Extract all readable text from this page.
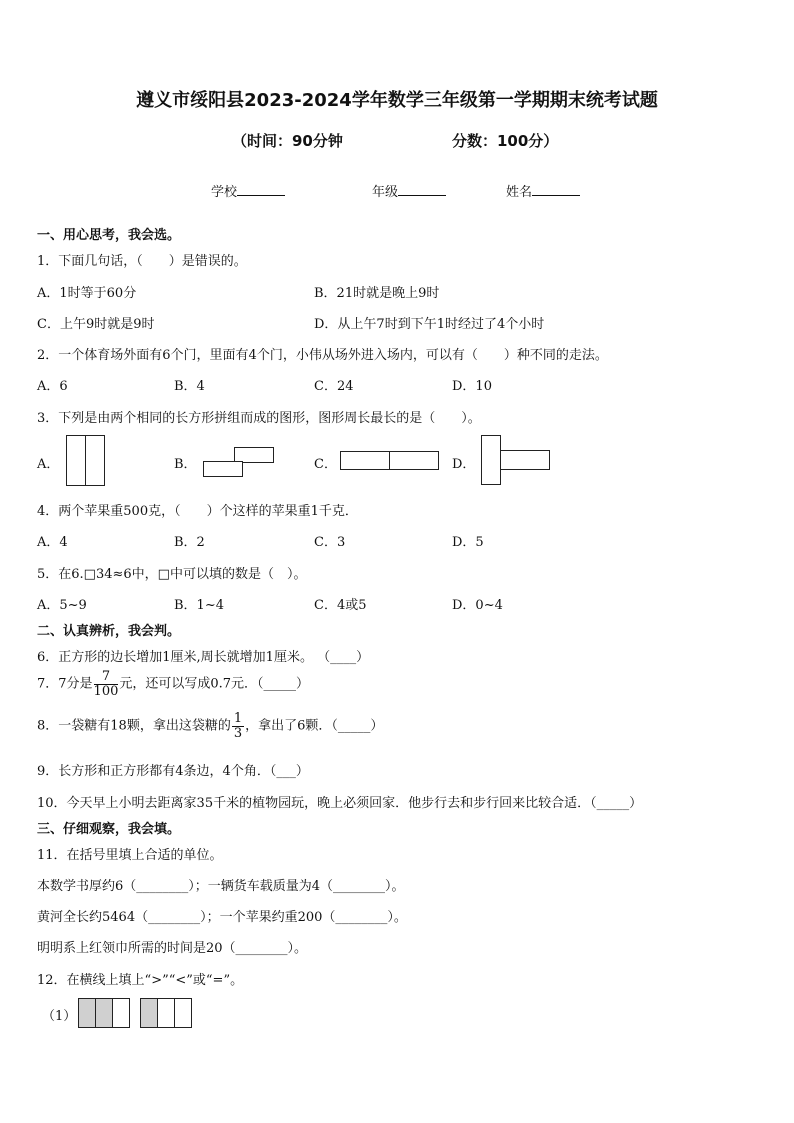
遵义市绥阳县2023-2024学年数学三年级第一学期期末统考试题
（时间：90分钟	分数：100分）
学校	年级	姓名
一、用心思考，我会选。
1．下面几句话，（　　）是错误的。
A．1时等于60分	B．21时就是晚上9时
C．上午9时就是9时	D．从上午7时到下午1时经过了4个小时
2．一个体育场外面有6个门，里面有4个门，小伟从场外进入场内，可以有（　　）种不同的走法。
A．6	B．4	C．24	D．10
3．下列是由两个相同的长方形拼组而成的图形，图形周长最长的是（　　）。
A．	B．	C．	D．
4．两个苹果重500克，（　　）个这样的苹果重1千克．
A．4	B．2	C．3	D．5
5．在6.□34≈6中，□中可以填的数是（　）。
A．5~9	B．1~4	C．4或5	D．0~4
二、认真辨析，我会判。
6．正方形的边长增加1厘米,周长就增加1厘米。 （____）
7．7分是 $\frac{7}{100}$ 元，还可以写成0.7元．（_____）
8．一袋糖有18颗，拿出这袋糖的 $\frac{1}{3}$ ，拿出了6颗．（_____）
9．长方形和正方形都有4条边，4个角．（___）
10．今天早上小明去距离家35千米的植物园玩，晚上必须回家．他步行去和步行回来比较合适．（_____）
三、仔细观察，我会填。
11．在括号里填上合适的单位。
本数学书厚约6（________）；一辆货车载质量为4（________）。
黄河全长约5464（________）；一个苹果约重200（________）。
明明系上红领巾所需的时间是20（________）。
12．在横线上填上“>”“<”或“=”。
（1）
